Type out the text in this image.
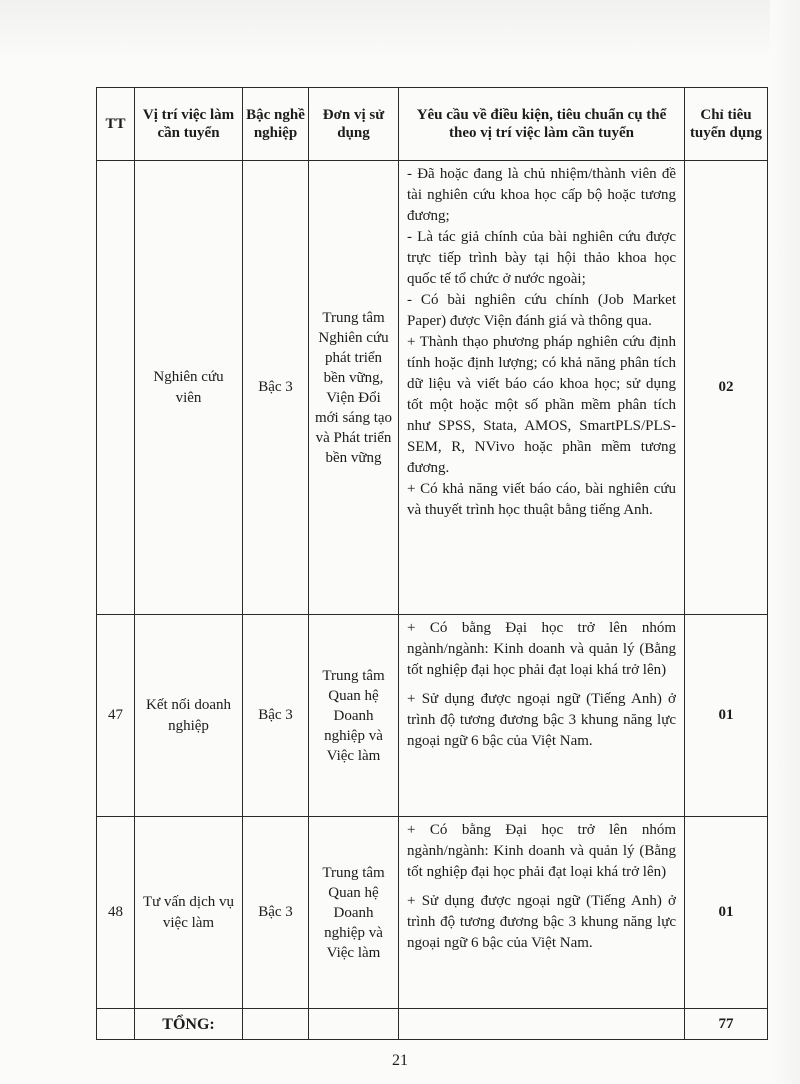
TT	Vị trí việc làm cần tuyển	Bậc nghề nghiệp	Đơn vị sử dụng	Yêu cầu về điều kiện, tiêu chuẩn cụ thể theo vị trí việc làm cần tuyển	Chỉ tiêu tuyển dụng
	Nghiên cứu viên	Bậc 3	Trung tâm Nghiên cứu phát triển bền vững, Viện Đổi mới sáng tạo và Phát triển bền vững	- Đã hoặc đang là chủ nhiệm/thành viên đề tài nghiên cứu khoa học cấp bộ hoặc tương đương;

- Là tác giả chính của bài nghiên cứu được trực tiếp trình bày tại hội thảo khoa học quốc tế tổ chức ở nước ngoài;

- Có bài nghiên cứu chính (Job Market Paper) được Viện đánh giá và thông qua.

+ Thành thạo phương pháp nghiên cứu định tính hoặc định lượng; có khả năng phân tích dữ liệu và viết báo cáo khoa học; sử dụng tốt một hoặc một số phần mềm phân tích như SPSS, Stata, AMOS, SmartPLS/PLS-SEM, R, NVivo hoặc phần mềm tương đương.

+ Có khả năng viết báo cáo, bài nghiên cứu và thuyết trình học thuật bằng tiếng Anh.	02
47	Kết nối doanh nghiệp	Bậc 3	Trung tâm Quan hệ Doanh nghiệp và Việc làm	+ Có bằng Đại học trở lên nhóm ngành/ngành: Kinh doanh và quản lý (Bằng tốt nghiệp đại học phải đạt loại khá trở lên)

+ Sử dụng được ngoại ngữ (Tiếng Anh) ở trình độ tương đương bậc 3 khung năng lực ngoại ngữ 6 bậc của Việt Nam.	01
48	Tư vấn dịch vụ việc làm	Bậc 3	Trung tâm Quan hệ Doanh nghiệp và Việc làm	+ Có bằng Đại học trở lên nhóm ngành/ngành: Kinh doanh và quản lý (Bằng tốt nghiệp đại học phải đạt loại khá trở lên)

+ Sử dụng được ngoại ngữ (Tiếng Anh) ở trình độ tương đương bậc 3 khung năng lực ngoại ngữ 6 bậc của Việt Nam.	01
	TỔNG:				77
21
